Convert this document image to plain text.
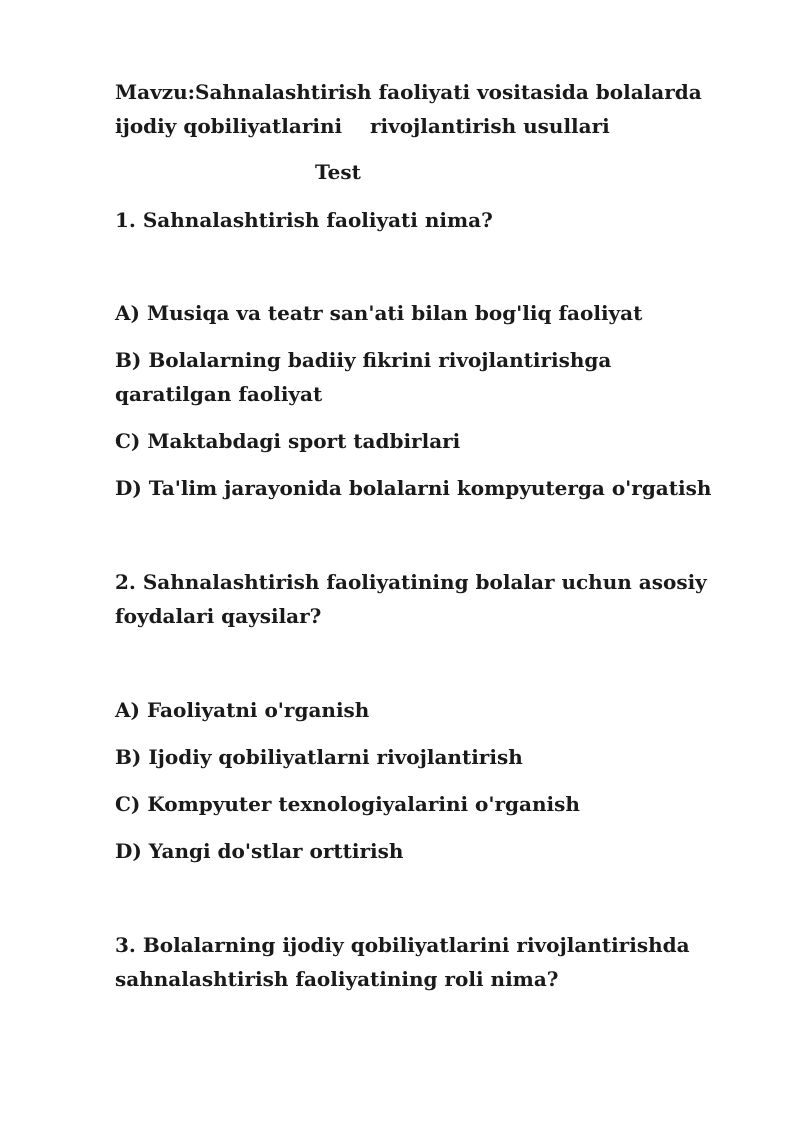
Mavzu:Sahnalashtirish faoliyati vositasida bolalarda
ijodiy qobiliyatlarini    rivojlantirish usullari
Test
1. Sahnalashtirish faoliyati nima?
A) Musiqa va teatr san'ati bilan bog'liq faoliyat
B) Bolalarning badiiy fikrini rivojlantirishga qaratilgan faoliyat
C) Maktabdagi sport tadbirlari
D) Ta'lim jarayonida bolalarni kompyuterga o'rgatish
2. Sahnalashtirish faoliyatining bolalar uchun asosiy foydalari qaysilar?
A) Faoliyatni o'rganish
B) Ijodiy qobiliyatlarni rivojlantirish
C) Kompyuter texnologiyalarini o'rganish
D) Yangi do'stlar orttirish
3. Bolalarning ijodiy qobiliyatlarini rivojlantirishda sahnalashtirish faoliyatining roli nima?
